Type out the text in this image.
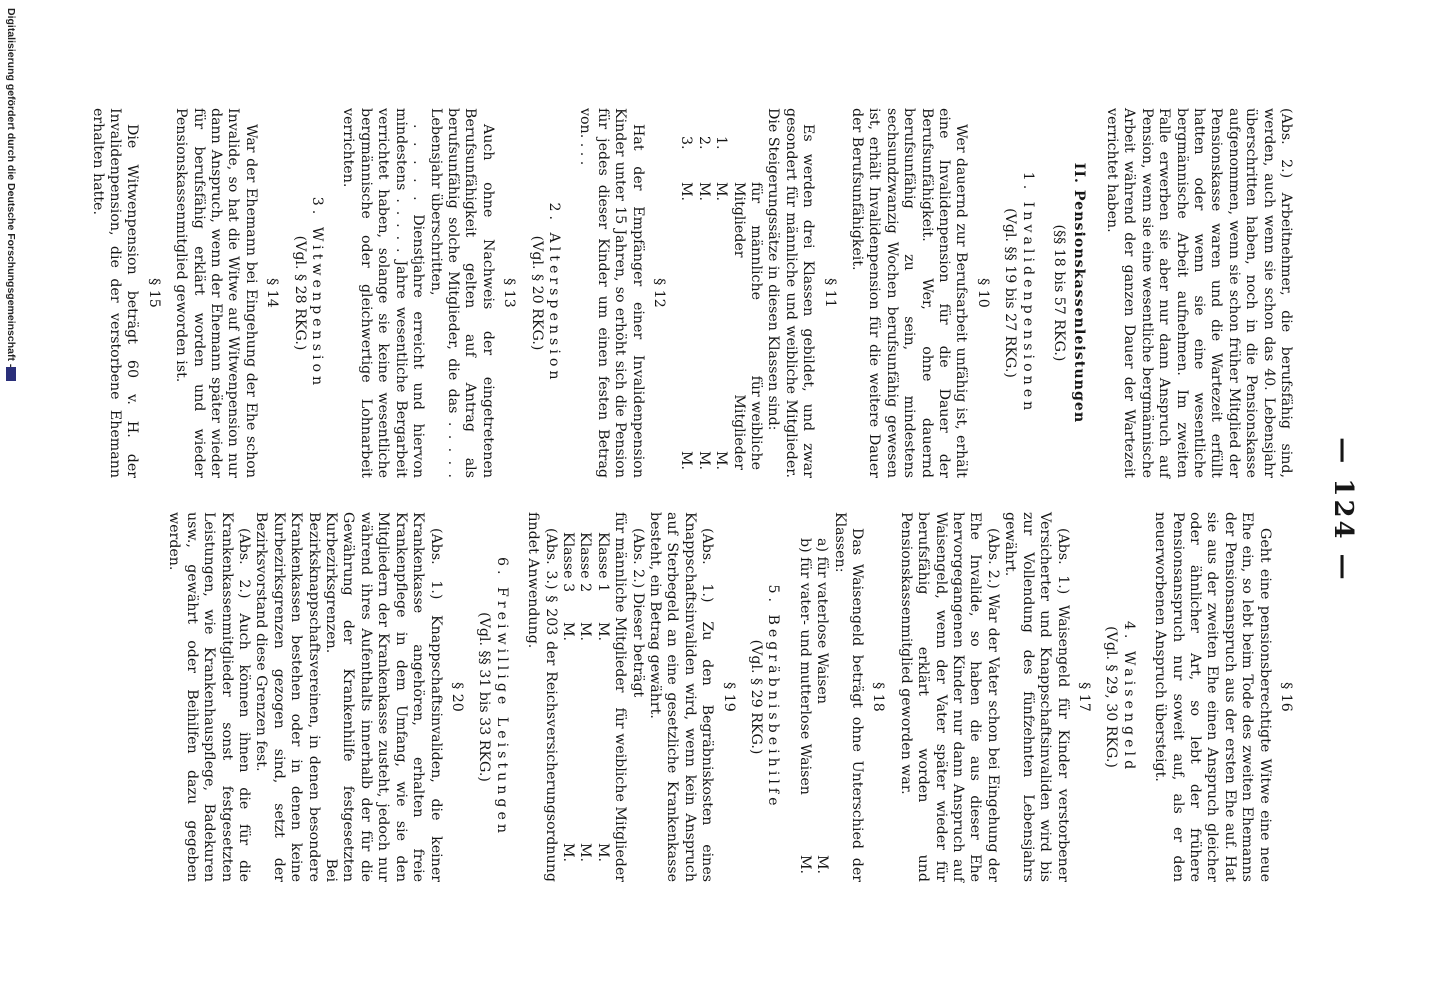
— 124 —

(Abs. 2.) Arbeitnehmer, die berufsfähig sind, werden, auch wenn sie schon das 40. Lebensjahr überschritten haben, noch in die Pensionskasse aufgenommen, wenn sie schon früher Mitglied der Pensionskasse waren und die Wartezeit erfüllt hatten oder wenn sie eine wesentliche bergmännische Arbeit aufnehmen. Im zweiten Falle erwerben sie aber nur dann Anspruch auf Pension, wenn sie eine wesentliche bergmännische Arbeit während der ganzen Dauer der Wartezeit verrichtet haben.

II. Pensionskassenleistungen
(§§ 18 bis 57 RKG.)
1. Invalidenpensionen
(Vgl. §§ 19 bis 27 RKG.)
§ 10

Wer dauernd zur Berufsarbeit unfähig ist, erhält eine Invalidenpension für die Dauer der Berufsunfähigkeit. Wer, ohne dauernd berufsunfähig zu sein, mindestens sechsundzwanzig Wochen berufsunfähig gewesen ist, erhält Invalidenpension für die weitere Dauer der Berufsunfähigkeit.

§ 11

Es werden drei Klassen gebildet, und zwar gesondert für männliche und weibliche Mitglieder. Die Steigerungssätze in diesen Klassen sind:

für männliche Mitglieder
für weibliche Mitglieder
1.
M.
M.
2.
M.
M.
3.
M.
M.
§ 12

Hat der Empfänger einer Invalidenpension Kinder unter 15 Jahren, so erhöht sich die Pension für jedes dieser Kinder um einen festen Betrag von. . . .

2. Alterspension
(Vgl. § 20 RKG.)
§ 13

Auch ohne Nachweis der eingetretenen Berufsunfähigkeit gelten auf Antrag als berufsunfähig solche Mitglieder, die das . . . . . Lebensjahr überschritten,

. . . . . Dienstjahre erreicht und hiervon mindestens . . . . . Jahre wesentliche Bergarbeit verrichtet haben, solange sie keine wesentliche bergmännische oder gleichwertige Lohnarbeit verrichten.

3. Witwenpension
(Vgl. § 28 RKG.)
§ 14

War der Ehemann bei Eingehung der Ehe schon Invalide, so hat die Witwe auf Witwenpension nur dann Anspruch, wenn der Ehemann später wieder für berufsfähig erklärt worden und wieder Pensionskassenmitglied geworden ist.

§ 15

Die Witwenpension beträgt 60 v. H. der Invalidenpension, die der verstorbene Ehemann erhalten hatte.

§ 16

Geht eine pensionsberechtigte Witwe eine neue Ehe ein, so lebt beim Tode des zweiten Ehemanns der Pensionsanspruch aus der ersten Ehe auf. Hat sie aus der zweiten Ehe einen Anspruch gleicher oder ähnlicher Art, so lebt der frühere Pensionsanspruch nur soweit auf, als er den neuerworbenen Anspruch übersteigt.

4. Waisengeld
(Vgl. § 29, 30 RKG.)
§ 17

(Abs. 1.) Waisengeld für Kinder verstorbener Versicherter und Knappschaftsinvaliden wird bis zur Vollendung des fünfzehnten Lebensjahrs gewährt.

(Abs. 2.) War der Vater schon bei Eingehung der Ehe Invalide, so haben die aus dieser Ehe hervorgegangenen Kinder nur dann Anspruch auf Waisengeld, wenn der Vater später wieder für berufsfähig erklärt worden und Pensionskassenmitglied geworden war.

§ 18

Das Waisengeld beträgt ohne Unterschied der Klassen:

a) für vaterlose Waisen
M.
b) für vater- und mutterlose Waisen
M.
5. Begräbnisbeihilfe
(Vgl. § 29 RKG.)
§ 19

(Abs. 1.) Zu den Begräbniskosten eines Knappschaftsinvaliden wird, wenn kein Anspruch auf Sterbegeld an eine gesetzliche Krankenkasse besteht, ein Betrag gewährt.

(Abs. 2.) Dieser beträgt
für männliche Mitglieder
für weibliche Mitglieder
Klasse 1
M.
M.
Klasse 2
M.
M.
Klasse 3
M.
M.

(Abs. 3.) § 203 der Reichsversicherungsordnung findet Anwendung.

6. Freiwillige Leistungen
(Vgl. §§ 31 bis 33 RKG.)
§ 20

(Abs. 1.) Knappschaftsinvaliden, die keiner Krankenkasse angehören, erhalten freie Krankenpflege in dem Umfang, wie sie den Mitgliedern der Krankenkasse zusteht, jedoch nur während ihres Aufenthalts innerhalb der für die Gewährung der Krankenhilfe festgesetzten Kurbezirksgrenzen. Bei Bezirksknappschaftsvereinen, in denen besondere Krankenkassen bestehen oder in denen keine Kurbezirksgrenzen gezogen sind, setzt der Bezirksvorstand diese Grenzen fest.

(Abs. 2.) Auch können ihnen die für die Krankenkassenmitglieder sonst festgesetzten Leistungen, wie Krankenhauspflege, Badekuren usw., gewährt oder Beihilfen dazu gegeben werden.

Digitalisierung gefördert durch die Deutsche Forschungsgemeinschaft -
